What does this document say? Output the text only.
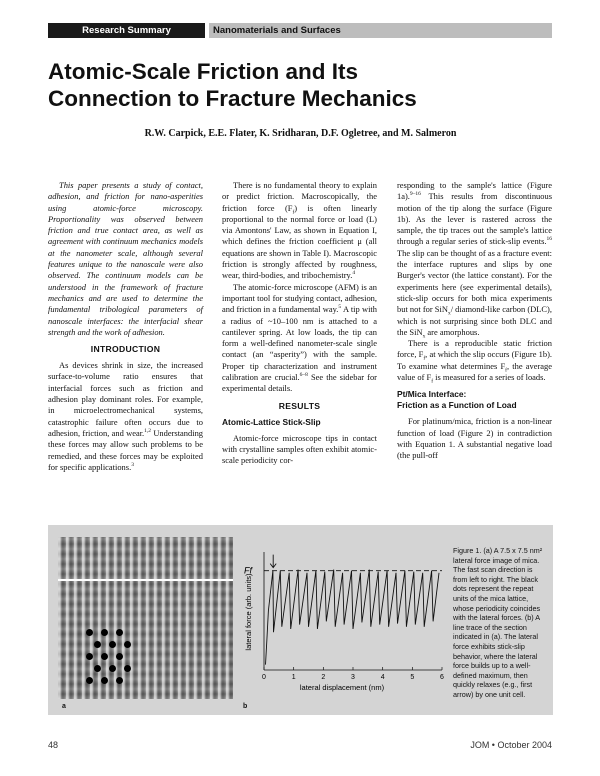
Research Summary	Nanomaterials and Surfaces
Atomic-Scale Friction and Its
Connection to Fracture Mechanics
R.W. Carpick, E.E. Flater, K. Sridharan, D.F. Ogletree, and M. Salmeron

This paper presents a study of contact, adhesion, and friction for nano-asperities using atomic-force microscopy. Proportionality was observed between friction and true contact area, as well as agreement with continuum mechanics models at the nanometer scale, although several features unique to the nanoscale were also observed. The continuum models can be understood in the framework of fracture mechanics and are used to determine the fundamental tribological parameters of nanoscale interfaces: the interfacial shear strength and the work of adhesion.

INTRODUCTION

As devices shrink in size, the increased surface-to-volume ratio ensures that interfacial forces such as friction and adhesion play dominant roles. For example, in microelectromechanical systems, catastrophic failure often occurs due to adhesion, friction, and wear.$^{1,2}$ Understanding these forces may allow such problems to be remedied, and these forces may be exploited for specific applications.$^3$

There is no fundamental theory to explain or predict friction. Macroscopically, the friction force $(F_f)$ is often linearly proportional to the normal force or load (L) via Amontons' Law, as shown in Equation I, which defines the friction coefficient μ (all equations are shown in Table I). Macroscopic friction is strongly affected by roughness, wear, third-bodies, and tribochemistry.$^4$

The atomic-force microscope (AFM) is an important tool for studying contact, adhesion, and friction in a fundamental way.$^5$ A tip with a radius of ~10–100 nm is attached to a cantilever spring. At low loads, the tip can form a well-defined nanometer-scale single contact (an “asperity”) with the sample. Proper tip characterization and instrument calibration are crucial.$^{6-8}$ See the sidebar for experimental details.

RESULTS
Atomic-Lattice Stick-Slip

Atomic-force microscope tips in contact with crystalline samples often exhibit atomic-scale periodicity cor-

responding to the sample's lattice (Figure 1a).$^{9-16}$ This results from discontinuous motion of the tip along the surface (Figure 1b). As the lever is rastered across the sample, the tip traces out the sample's lattice through a regular series of stick-slip events.$^{16}$ The slip can be thought of as a fracture event: the interface ruptures and slips by one Burger's vector (the lattice constant). For the experiments here (see experimental details), stick-slip occurs for both mica experiments but not for SiN$_x$/ diamond-like carbon (DLC), which is not surprising since both DLC and the SiN$_x$ are amorphous.

There is a reproducible static friction force, $F_f$, at which the slip occurs (Figure 1b). To examine what determines $F_f$, the average value of $F_f$ is measured for a series of loads.

Pt/Mica Interface:
Friction as a Function of Load

For platinum/mica, friction is a non-linear function of load (Figure 2) in contradiction with Equation 1. A substantial negative load (the pull-off

a	b
0	1	2	3	4	5	6
Ff
lateral displacement (nm)
lateral force (arb. units)
Figure 1. (a) A 7.5 x 7.5 nm² lateral force image of mica. The fast scan direction is from left to right. The black dots represent the repeat units of the mica lattice, whose periodicity coincides with the lateral forces. (b) A line trace of the section indicated in (a). The lateral force exhibits stick-slip behavior, where the lateral force builds up to a well-defined maximum, then quickly relaxes (e.g., first arrow) by one unit cell.
48	JOM • October 2004
